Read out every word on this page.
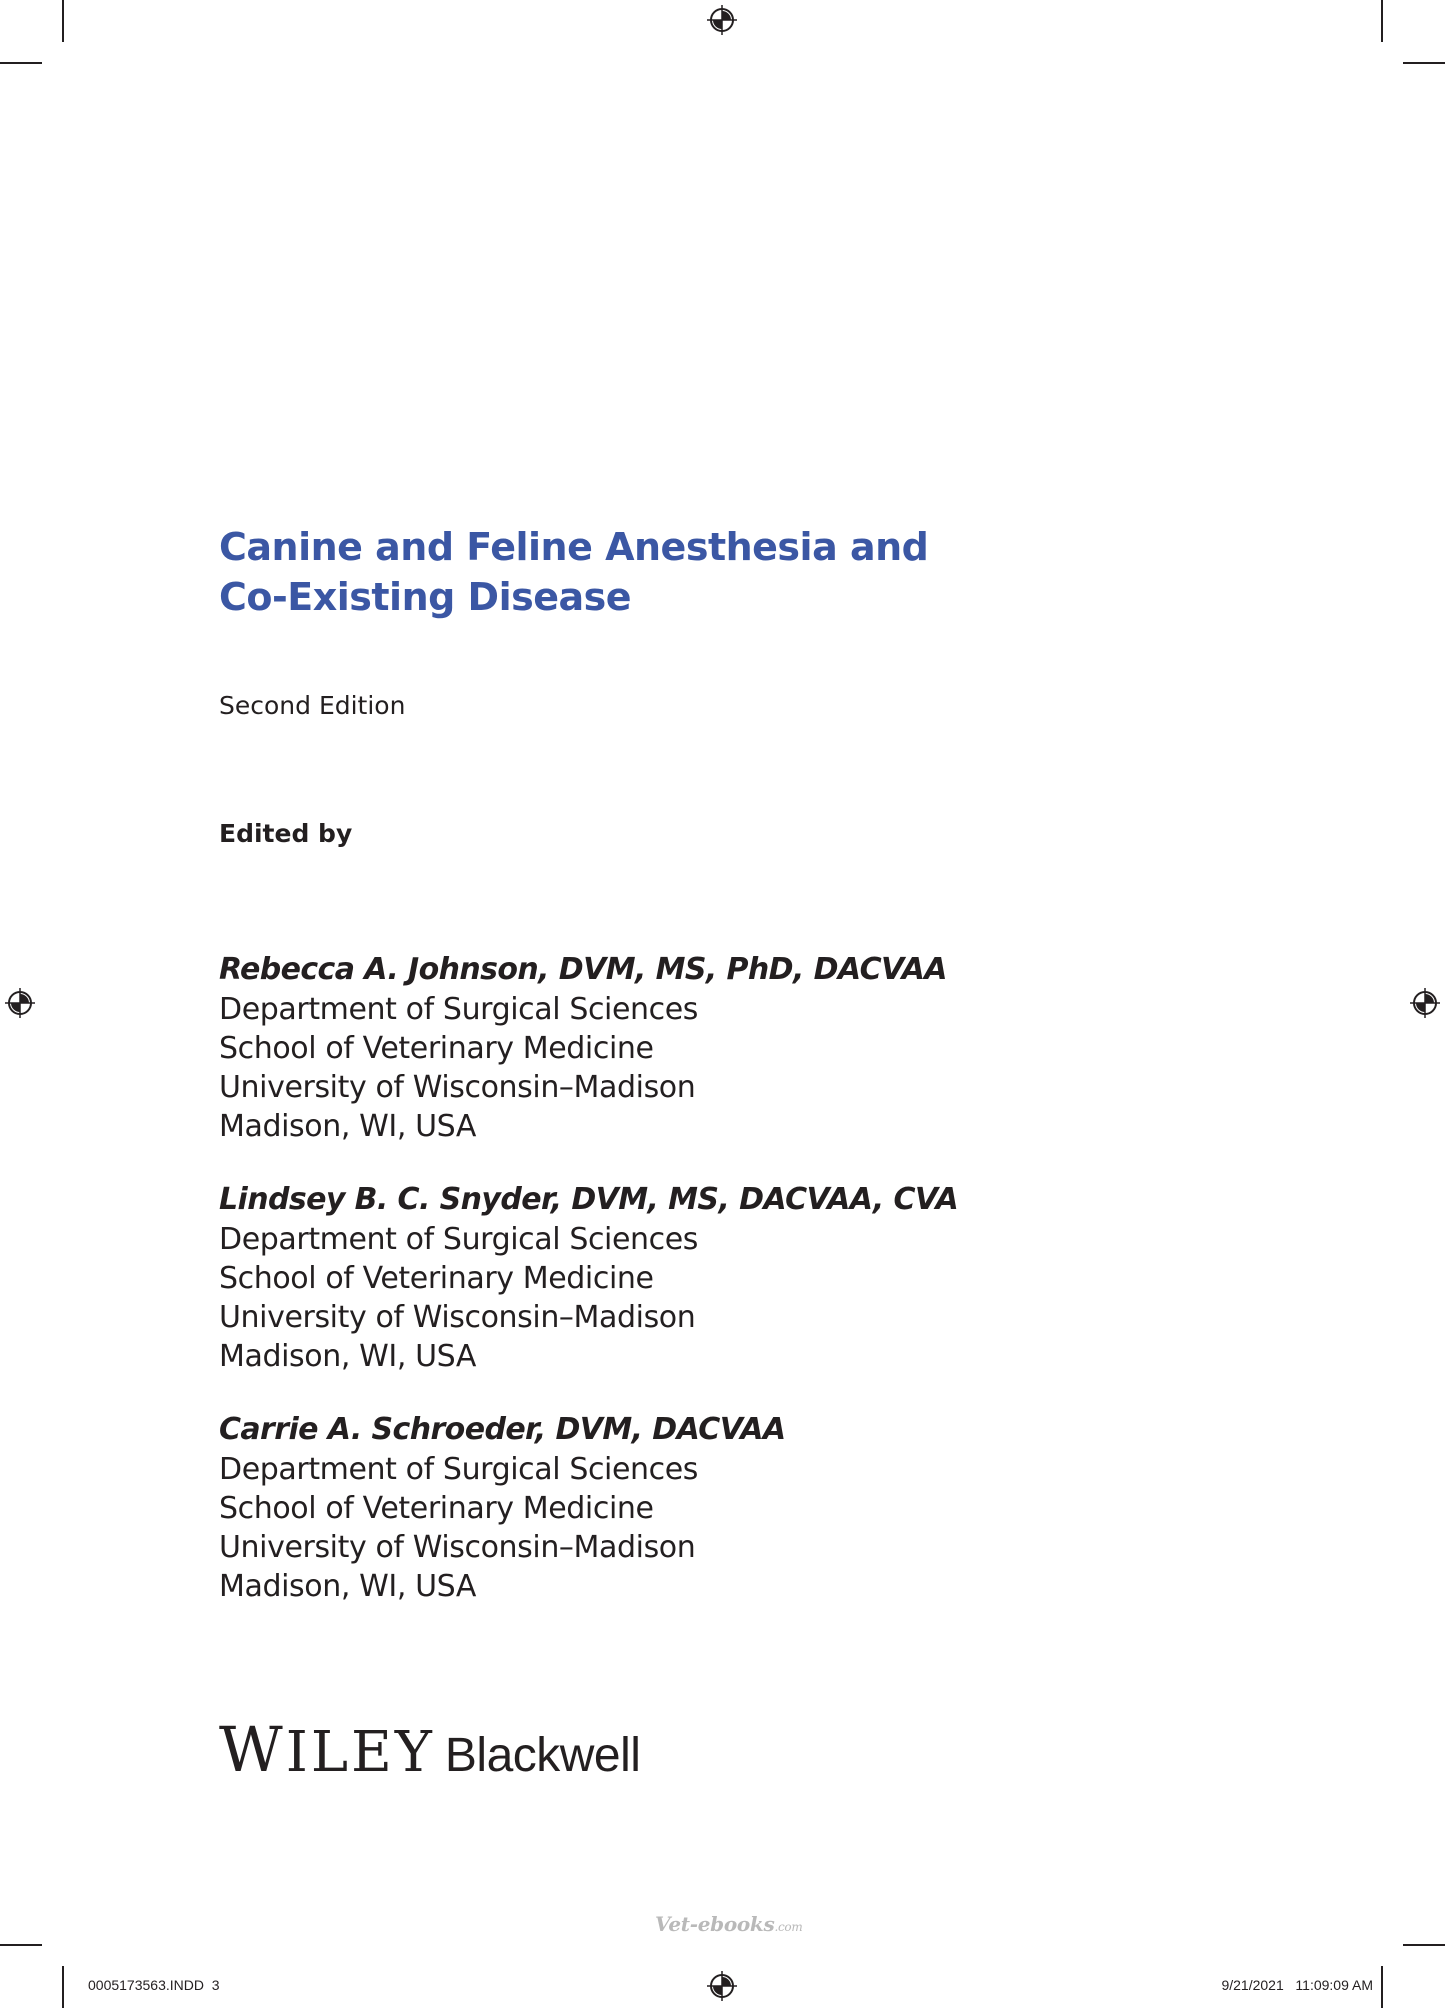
Canine and Feline Anesthesia and
Co-Existing Disease
Second Edition
Edited by
Rebecca A. Johnson, DVM, MS, PhD, DACVAA
Department of Surgical Sciences
School of Veterinary Medicine
University of Wisconsin–Madison
Madison, WI, USA
Lindsey B. C. Snyder, DVM, MS, DACVAA, CVA
Department of Surgical Sciences
School of Veterinary Medicine
University of Wisconsin–Madison
Madison, WI, USA
Carrie A. Schroeder, DVM, DACVAA
Department of Surgical Sciences
School of Veterinary Medicine
University of Wisconsin–Madison
Madison, WI, USA
WILEY Blackwell
Vet-ebooks.com
0005173563.INDD  3	9/21/2021   11:09:09 AM
